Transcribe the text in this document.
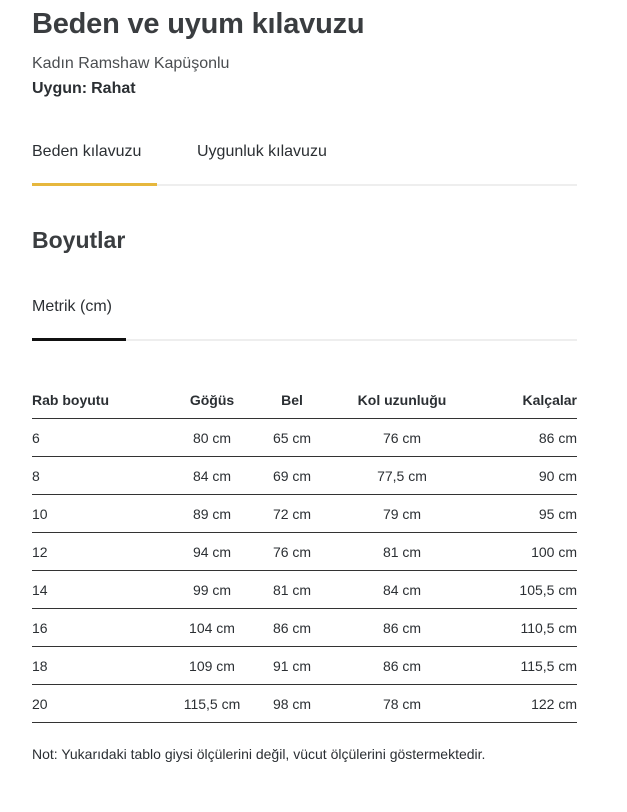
Beden ve uyum kılavuzu
Kadın Ramshaw Kapüşonlu
Uygun: Rahat
Beden kılavuzu	Uygunluk kılavuzu
Boyutlar
Metrik (cm)
Rab boyutu	Göğüs	Bel	Kol uzunluğu	Kalçalar
6	80 cm	65 cm	76 cm	86 cm
8	84 cm	69 cm	77,5 cm	90 cm
10	89 cm	72 cm	79 cm	95 cm
12	94 cm	76 cm	81 cm	100 cm
14	99 cm	81 cm	84 cm	105,5 cm
16	104 cm	86 cm	86 cm	110,5 cm
18	109 cm	91 cm	86 cm	115,5 cm
20	115,5 cm	98 cm	78 cm	122 cm
Not: Yukarıdaki tablo giysi ölçülerini değil, vücut ölçülerini göstermektedir.
